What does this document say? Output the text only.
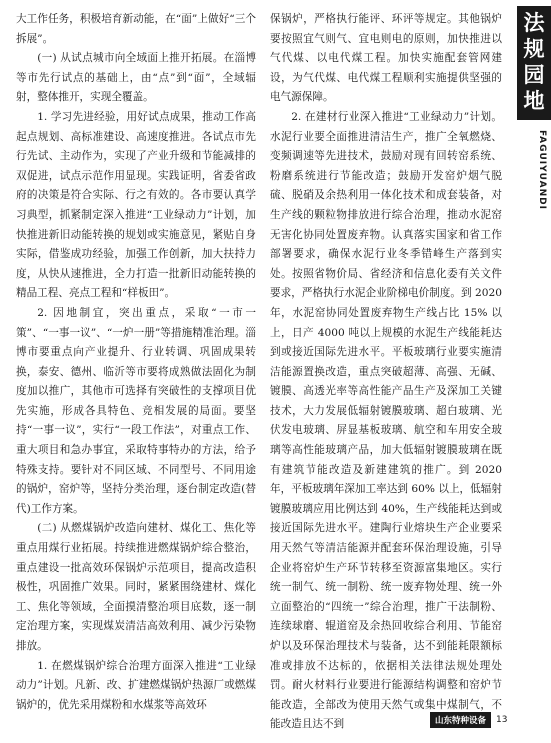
大工作任务，积极培育新动能，在“面”上做好“三个拆展”。

(一) 从试点城市向全域面上推开拓展。在淄博等市先行试点的基础上，由“点”到“面”，全域辐射，整体推开，实现全覆盖。

1. 学习先进经验，用好试点成果，推动工作高起点规划、高标准建设、高速度推进。各试点市先行先试、主动作为，实现了产业升级和节能减排的双促进，试点示范作用显现。实践证明，省委省政府的决策是符合实际、行之有效的。各市要认真学习典型，抓紧制定深入推进“工业绿动力”计划，加快推进新旧动能转换的规划或实施意见，紧贴自身实际，借鉴成功经验，加强工作创新，加大扶持力度，从快从速推进，全力打造一批新旧动能转换的精品工程、亮点工程和“样板田”。

2. 因地制宜，突出重点，采取“一市一策”、“一事一议”、“一炉一册”等措施精准治理。淄博市要重点向产业提升、行业转调、巩固成果转换，泰安、德州、临沂等市要将成熟做法固化为制度加以推广，其他市可选择有突破性的支撑项目优先实施，形成各具特色、竞相发展的局面。要坚持“一事一议”，实行“一段工作法”，对重点工作、重大项目和急办事宜，采取特事特办的方法，给予特殊支持。要针对不同区域、不同型号、不同用途的锅炉，窑炉等，坚持分类治理，逐台制定改造(替代)工作方案。

(二) 从燃煤锅炉改造向建材、煤化工、焦化等重点用煤行业拓展。持续推进燃煤锅炉综合整治，重点建设一批高效环保锅炉示范项目，提高改造积极性，巩固推广效果。同时，紧紧围绕建材、煤化工、焦化等领域，全面摸清整治项目底数，逐一制定治理方案，实现煤炭清洁高效利用、减少污染物排放。

1. 在燃煤锅炉综合治理方面深入推进“工业绿动力”计划。凡新、改、扩建燃煤锅炉热源厂或燃煤锅炉的，优先采用煤粉和水煤浆等高效环

保锅炉，严格执行能评、环评等规定。其他锅炉要按照宜气则气、宜电则电的原则，加快推进以气代煤、以电代煤工程。加快实施配套管网建设，为气代煤、电代煤工程顺利实施提供坚强的电气源保障。

2. 在建材行业深入推进“工业绿动力”计划。水泥行业要全面推进清洁生产，推广全氧燃烧、变频调速等先进技术，鼓励对现有回转窑系统、粉磨系统进行节能改造；鼓励开发窑炉烟气脱硫、脱硝及余热利用一体化技术和成套装备，对生产线的颗粒物排放进行综合治理，推动水泥窑无害化协同处置废弃物。认真落实国家和省工作部署要求，确保水泥行业冬季错峰生产落到实处。按照省物价局、省经济和信息化委有关文件要求，严格执行水泥企业阶梯电价制度。到 2020 年，水泥窑协同处置废弃物生产线占比 15% 以上，日产 4000 吨以上规模的水泥生产线能耗达到或接近国际先进水平。平板玻璃行业要实施清洁能源置换改造，重点突破超薄、高强、无碱、镀膜、高透光率等高性能产品生产及深加工关键技术，大力发展低辐射镀膜玻璃、超白玻璃、光伏发电玻璃、屏显基板玻璃、航空和车用安全玻璃等高性能玻璃产品，加大低辐射镀膜玻璃在既有建筑节能改造及新建建筑的推广。到 2020 年，平板玻璃年深加工率达到 60% 以上，低辐射镀膜玻璃应用比例达到 40%，生产线能耗达到或接近国际先进水平。建陶行业熔块生产企业要采用天然气等清洁能源并配套环保治理设施，引导企业将窑炉生产环节转移至资源富集地区。实行统一制气、统一制粉、统一废弃物处理、统一外立面整治的“四统一”综合治理，推广干法制粉、连续球磨、辊道窑及余热回收综合利用、节能窑炉以及环保治理技术与装备，达不到能耗限额标准或排放不达标的，依据相关法律法规处理处罚。耐火材料行业要进行能源结构调整和窑炉节能改造，全部改为使用天然气或集中煤制气，不能改造且达不到

法
规
园
地
FAGUIYUANDI
山东特种设备	13
